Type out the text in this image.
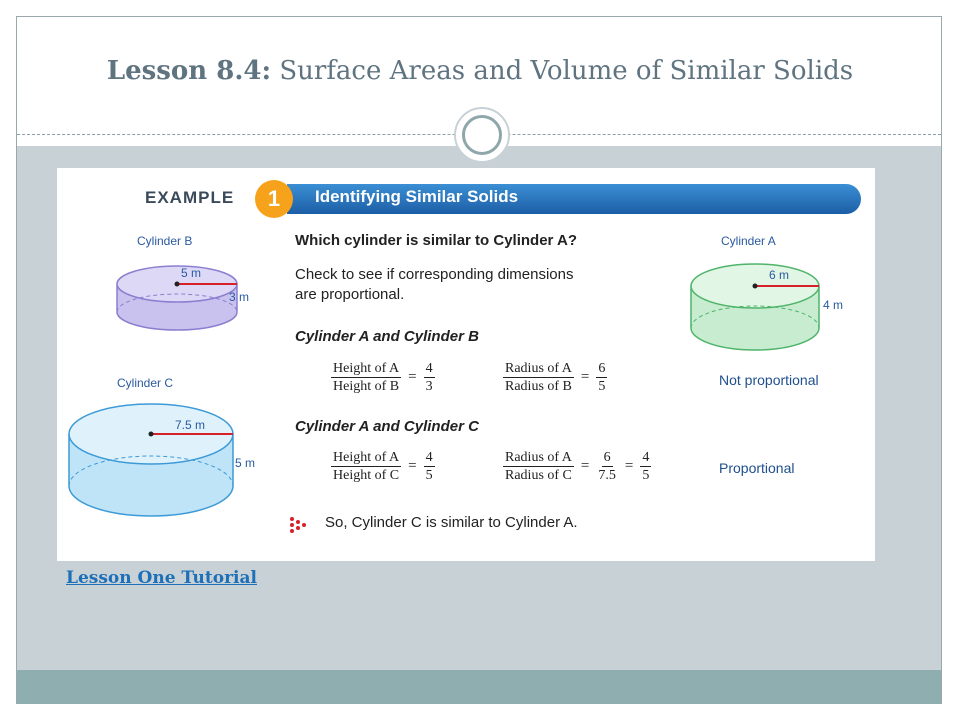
Lesson 8.4: Surface Areas and Volume of Similar Solids
EXAMPLE	1	Identifying Similar Solids
Cylinder B
5 m
3 m
Cylinder C
7.5 m
5 m
Cylinder A
6 m
4 m
Which cylinder is similar to Cylinder A?
Check to see if corresponding dimensions
are proportional.
Cylinder A and Cylinder B
Height of A
Height of B
= $\frac{4}{3}$	Radius of A
Radius of B
= $\frac{6}{5}$	Not proportional
Cylinder A and Cylinder C
Height of A
Height of C
= $\frac{4}{5}$	Radius of A
Radius of C
= $\frac{6}{7.5} = \frac{4}{5}$	Proportional
So, Cylinder C is similar to Cylinder A.
Lesson One Tutorial
